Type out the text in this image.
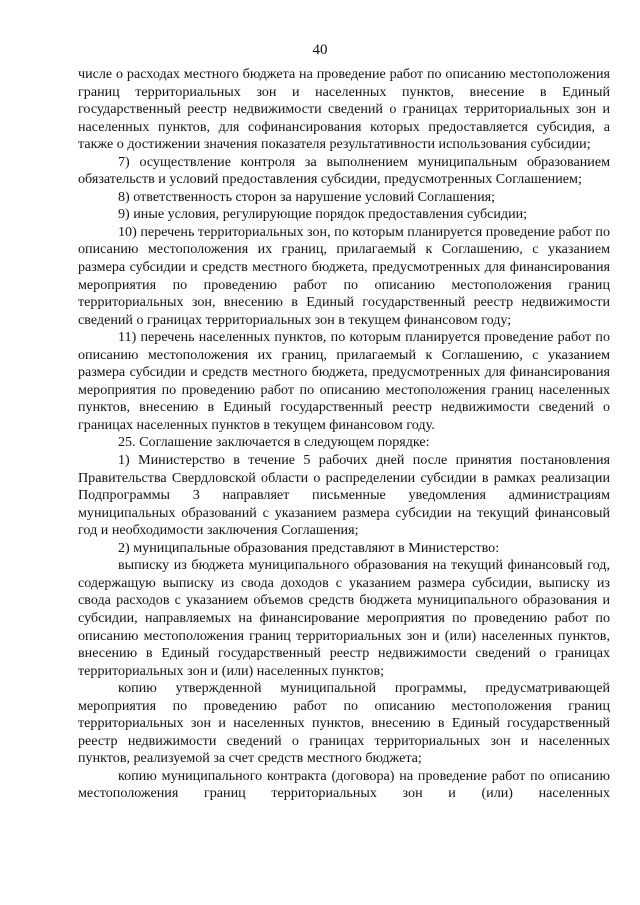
40

числе о расходах местного бюджета на проведение работ по описанию местоположения границ территориальных зон и населенных пунктов, внесение в Единый государственный реестр недвижимости сведений о границах территориальных зон и населенных пунктов, для софинансирования которых предоставляется субсидия, а также о достижении значения показателя результативности использования субсидии;

7) осуществление контроля за выполнением муниципальным образованием обязательств и условий предоставления субсидии, предусмотренных Соглашением;

8) ответственность сторон за нарушение условий Соглашения;

9) иные условия, регулирующие порядок предоставления субсидии;

10) перечень территориальных зон, по которым планируется проведение работ по описанию местоположения их границ, прилагаемый к Соглашению, с указанием размера субсидии и средств местного бюджета, предусмотренных для финансирования мероприятия по проведению работ по описанию местоположения границ территориальных зон, внесению в Единый государственный реестр недвижимости сведений о границах территориальных зон в текущем финансовом году;

11) перечень населенных пунктов, по которым планируется проведение работ по описанию местоположения их границ, прилагаемый к Соглашению, с указанием размера субсидии и средств местного бюджета, предусмотренных для финансирования мероприятия по проведению работ по описанию местоположения границ населенных пунктов, внесению в Единый государственный реестр недвижимости сведений о границах населенных пунктов в текущем финансовом году.

25. Соглашение заключается в следующем порядке:

1) Министерство в течение 5 рабочих дней после принятия постановления Правительства Свердловской области о распределении субсидии в рамках реализации Подпрограммы 3 направляет письменные уведомления администрациям муниципальных образований с указанием размера субсидии на текущий финансовый год и необходимости заключения Соглашения;

2) муниципальные образования представляют в Министерство:

выписку из бюджета муниципального образования на текущий финансовый год, содержащую выписку из свода доходов с указанием размера субсидии, выписку из свода расходов с указанием объемов средств бюджета муниципального образования и субсидии, направляемых на финансирование мероприятия по проведению работ по описанию местоположения границ территориальных зон и (или) населенных пунктов, внесению в Единый государственный реестр недвижимости сведений о границах территориальных зон и (или) населенных пунктов;

копию утвержденной муниципальной программы, предусматривающей мероприятия по проведению работ по описанию местоположения границ территориальных зон и населенных пунктов, внесению в Единый государственный реестр недвижимости сведений о границах территориальных зон и населенных пунктов, реализуемой за счет средств местного бюджета;

копию муниципального контракта (договора) на проведение работ по описанию местоположения границ территориальных зон и (или) населенных
